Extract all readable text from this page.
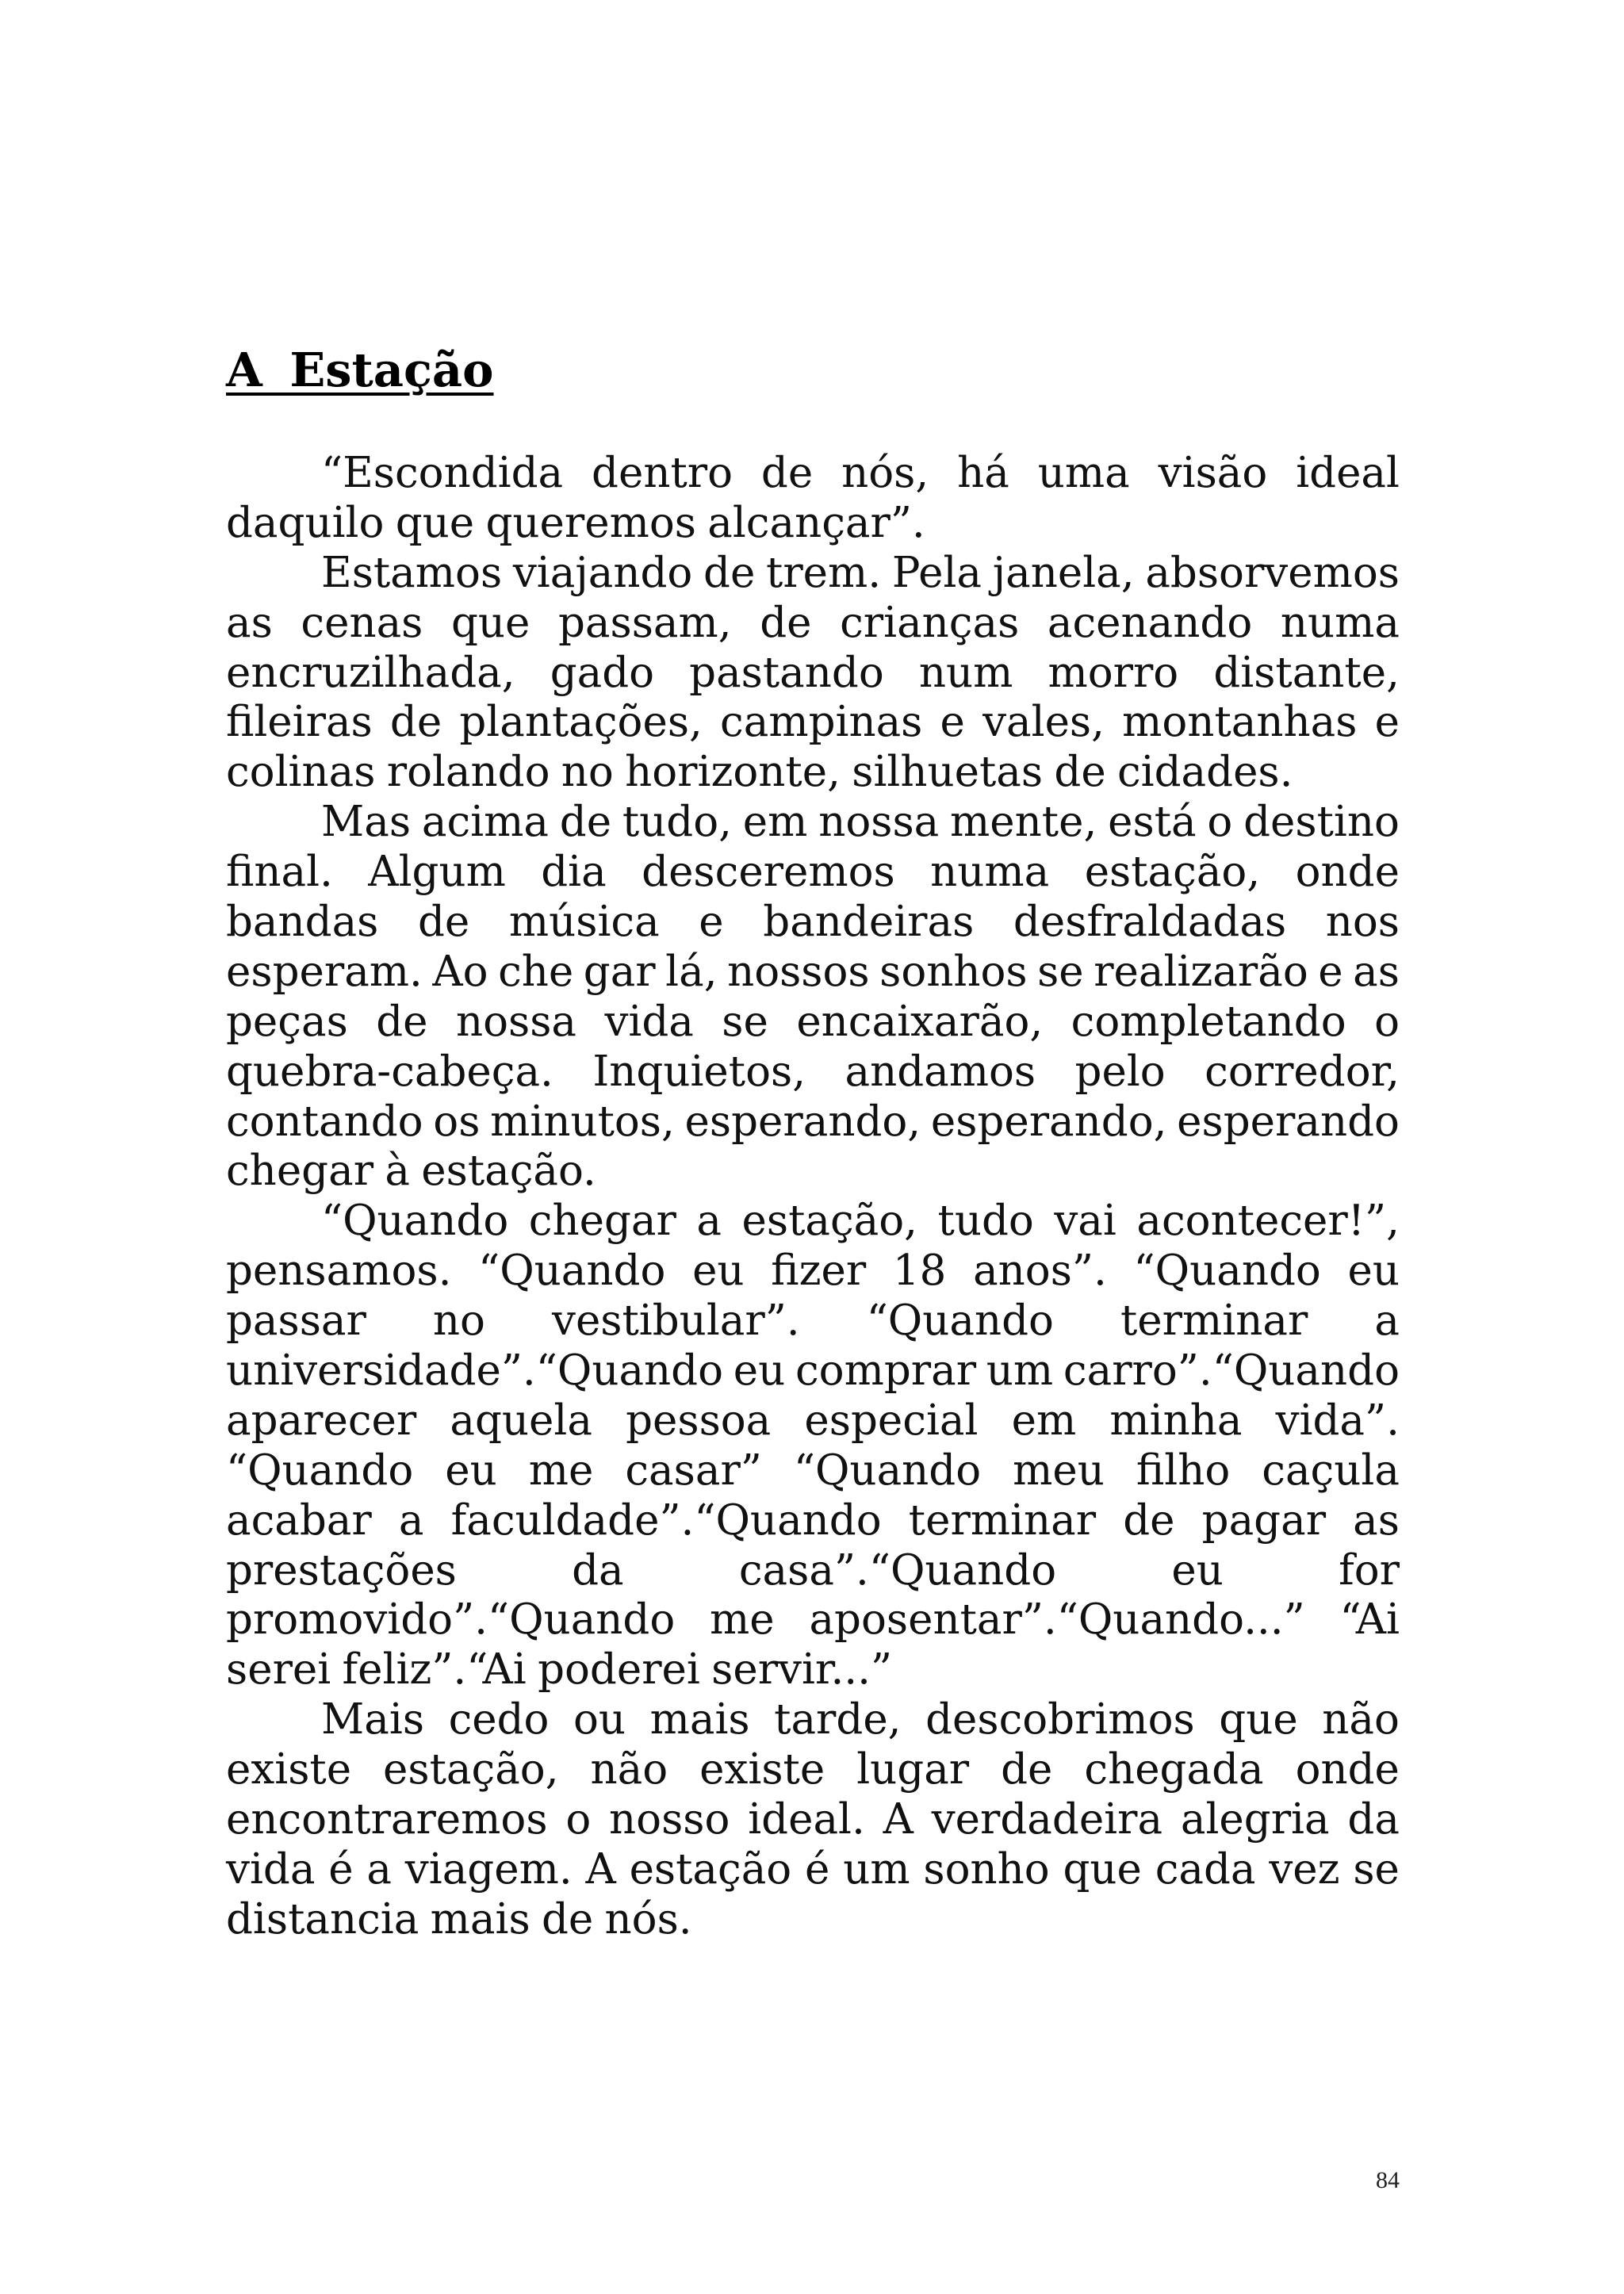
A Estação
“Escondida dentro de nós, há uma visão ideal
daquilo que queremos alcançar”.
Estamos viajando de trem. Pela janela, absorvemos
as cenas que passam, de crianças acenando numa
encruzilhada, gado pastando num morro distante,
fileiras de plantações, campinas e vales, montanhas e
colinas rolando no horizonte, silhuetas de cidades.
Mas acima de tudo, em nossa mente, está o destino
final. Algum dia desceremos numa estação, onde
bandas de música e bandeiras desfraldadas nos
esperam. Ao che gar lá, nossos sonhos se realizarão e as
peças de nossa vida se encaixarão, completando o
quebra-cabeça. Inquietos, andamos pelo corredor,
contando os minutos, esperando, esperando, esperando
chegar à estação.
“Quando chegar a estação, tudo vai acontecer!”,
pensamos. “Quando eu fizer 18 anos”. “Quando eu
passar no vestibular”. “Quando terminar a
universidade”.“Quando eu comprar um carro”.“Quando
aparecer aquela pessoa especial em minha vida”.
“Quando eu me casar” “Quando meu filho caçula
acabar a faculdade”.“Quando terminar de pagar as
prestações	da	casa”.“Quando	eu	for
promovido”.“Quando me aposentar”.“Quando...” “Ai
serei feliz”.“Ai poderei servir...”
Mais cedo ou mais tarde, descobrimos que não
existe estação, não existe lugar de chegada onde
encontraremos o nosso ideal. A verdadeira alegria da
vida é a viagem. A estação é um sonho que cada vez se
distancia mais de nós.
84
